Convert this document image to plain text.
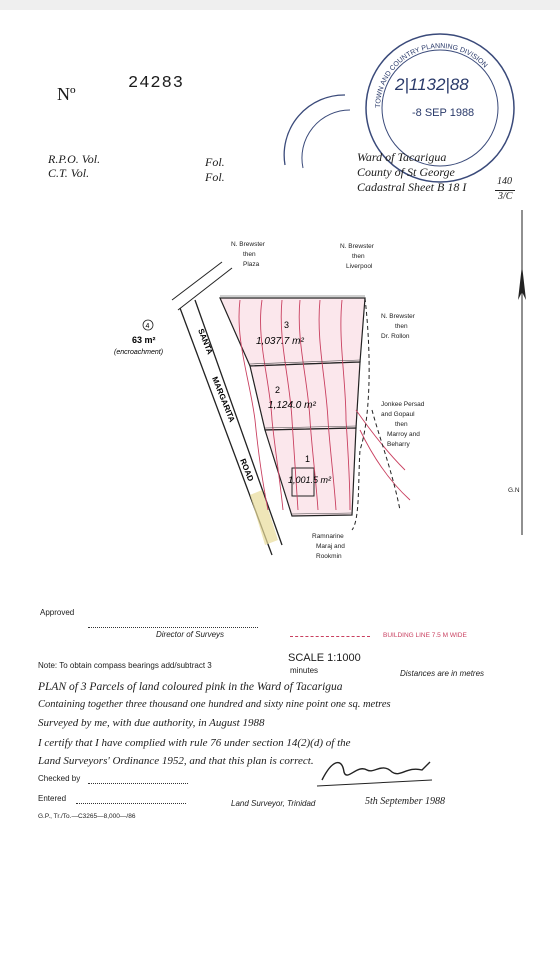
Nº
24283
R.P.O. Vol.
C.T. Vol.
Fol.
Fol.
TOWN AND COUNTRY PLANNING DIVISION
2|1132|88
-8 SEP 1988
Ward of Tacarigua
County of St George
Cadastral Sheet B 18 I	140
3/C
G.N
4
63 m²
(encroachment)
3
2
1
1,037.7 m²
1,124.0 m²
1,001.5 m²
SANTA
MARGARITA
ROAD
N. Brewster
then
Plaza
N. Brewster
then
Liverpool
N. Brewster
then
Dr. Rollon
Jonkee Persad
and Gopaul
then
Marroy and
Beharry
Ramnarine
Maraj and
Rookmin
Approved
Director of Surveys	BUILDING LINE 7.5 M WIDE
SCALE 1:1000
Note: To obtain compass bearings add/subtract 3
minutes	Distances are in metres
PLAN of 3 Parcels of land coloured pink in the Ward of Tacarigua
Containing together three thousand one hundred and sixty nine point one sq. metres
Surveyed by me, with due authority, in August 1988
I certify that I have complied with rule 76 under section 14(2)(d) of the
Land Surveyors' Ordinance 1952, and that this plan is correct.
Checked by
Entered
Land Surveyor, Trinidad	5th September 1988
G.P., Tr./To.—C3265—8,000—/86
